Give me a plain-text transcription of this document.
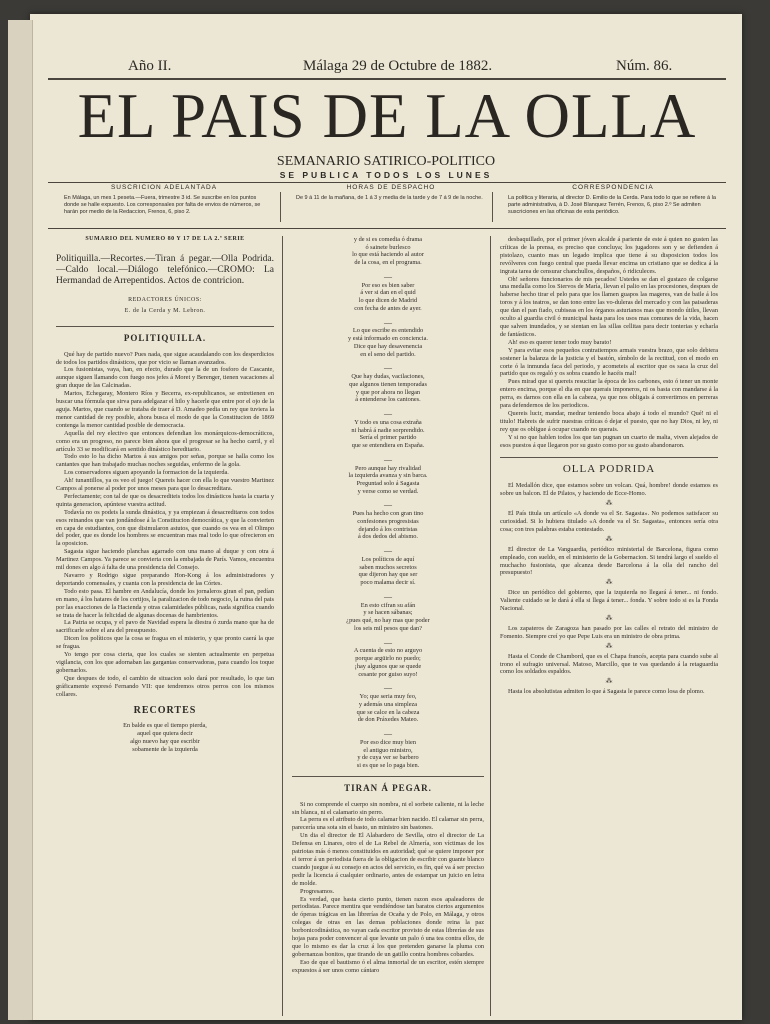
Año II.	Málaga 29 de Octubre de 1882.	Núm. 86.
EL PAIS DE LA OLLA
SEMANARIO SATIRICO-POLITICO
SE PUBLICA TODOS LOS LUNES
SUSCRICION ADELANTADA
En Málaga, un mes 1 peseta.—Fuera, trimestre 3 id. Se suscribe en los puntos donde se halle expuesto. Los corresponsales por falta de envios de números, se harán por medio de la Redaccion, Frenos, 6, piso 2.
HORAS DE DESPACHO
De 9 á 11 de la mañana, de 1 á 3 y media de la tarde y de 7 á 9 de la noche.
CORRESPONDENCIA
La política y literaria, al director D. Emilio de la Cerda. Para todo lo que se refiere á la parte administrativa, á D. José Blanquez Terrén, Frenos, 6, piso 2.º Se admiten suscriciones en las oficinas de esta periódico.
SUMARIO DEL NÚMERO 80 Y 17 DE LA 2.ª SERIE
Politiquilla.—Recortes.—Tiran á pegar.—Olla Podrida.—Caldo local.—Diálogo telefónico.—CROMO: La Hermandad de Arrepentidos. Actos de contricion.
REDACTORES ÚNICOS:
E. de la Cerda y M. Lebron.
POLITIQUILLA.

Qué hay de partido nuevo? Pues nada, que sigue acaudalando con los desperdicios de todos los partidos dinásticos, que por vicio se llaman avanzados.

Los fusionistas, vaya, han, en efecto, durado que la de un fosforo de Cascante, aunque siguen llamando con fuego nos jefes á Moret y Berenger, tienen vacaciones al gran duque de las Calcinadas.

Martos, Echegaray, Montero Ríos y Becerra, ex-republicanos, se entretienen en buscar una fórmula que sirva para adelgazar el hilo y hacerle que entre por el ojo de la aguja. Martos, que cuando se trataba de traer á D. Amadeo pedia un rey que tuviera la menor cantidad de rey posible, ahora busca el modo de que la Constitucion de 1869 contenga la menor cantidad posible de democracia.

Aquella del rey electivo que entonces defendian los monárquicos-democráticos, como era un progreso, no parece bien ahora que el progresar se ha hecho carril, y el artículo 33 se modificará en sentido dinástico hereditario.

Todo esto lo ha dicho Martos á sus amigos por señas, porque se halla como los cantantes que han trabajado muchas noches seguidas, enfermo de la gola.

Los conservadores siguen apoyando la formacion de la izquierda.

Ah! tunantillos, ya os veo el juego! Quereis hacer con ella lo que vuestro Martinez Campos al ponerse al poder por unos meses para que lo desacreditara.

Perfectamente; con tal de que os desacrediteis todos los dinásticos hasta la cuarta y quinta generacion, apúntese vuestra actitud.

Todavía no os podeis la sunda dinástica, y ya empiezan á desacreditaros con todos esos reinandos que van jondándose á la Constitucion democrática, y que la convierten en capa de estudiantes, con que disimularon astutos, que cuando os vea en el Olimpo del poder, que es donde los hombres se encuentran mas mal todo lo que ofrecieron en la oposicion.

Sagasta sigue haciendo planchas agarrado con una mano al duque y con otra á Martinez Campos. Ya parece se convierta con la embajada de París. Vamos, encuentra mil dones en algo á falta de una presidencia del Consejo.

Navarro y Rodrigo sigue preparando Hon-Kong á los administradores y deportando comensales, y cuanta con la presidencia de las Córtes.

Todo esto pasa. El hambre en Andalucía, donde los jornaleros giran el pan, pedían en mano, á los hatares de los cortijos, la paralizacion de todo negocio, la ruina del pais por las exacciones de la Hacienda y otras calamidades públicas, nada significa cuando se trata de hacer la felicidad de algunas docenas de hambrientos.

La Patria se ocupa, y el pavo de Navidad espera la diestra ó zurda mano que ha de sacrificarle sobre el ara del presupuesto.

Dicen los políticos que la cosa se fragua en el misterio, y que pronto caerá la que se fragua.

Yo tengo por cosa cierta, que los cuales se sienten actualmente en perpetua vigilancia, con los que adornaban las gargantas conservadoras, para cuando los toque gobernarlos.

Que despues de todo, el cambio de situacion solo dará por resultado, lo que tan gráficamente expresó Fernando VII: que tendremos otros perros con los mismos collares.

RECORTES
En balde es que el tiempo pierda,
aquel que quiera decir
algo nuevo hay que escribir
sobamente de la izquierda
y de si es comedia ó drama
ó sainete burlesco
lo que está haciendo al autor
de la cosa, en el programa.
—
Por eso es bien saber
á ver si dan en el quid
lo que dicen de Madrid
con fecha de antes de ayer.
—
Lo que escribe es entendido
y está informado en conciencia.
Dice que hay desavenencia
en el seno del partido.
—
Que hay dudas, vacilaciones,
que algunos tienen temporadas
y que por ahora no llegan
á entenderse los cantones.
—
Y todo es una cosa extraña
ni habrá á nadie sorprendido.
Sería el primer partido
que se entendiera en España.
—
Pero aunque hay rivalidad
la izquierda avanza y sin barca.
Preguntad solo á Sagasta
y verse como se verdad.
—
Pues ha hecho con gran tino
confesiones progresistas
dejando á los contristas
á dos dedos del abismo.
—
Los políticos de aquí
saben muchos secretos
que dijeron hay que ser
poco malama decir sí.
—
En esto cifran su afán
y se hacen sábanas;
¿pues qué, no hay mas que poder
los seis mil pesos que dan?
—
A cuenta de esto no arguyo
porque argüirlo no puedo;
¡hay algunos que se quede
cesante por guiso suyo!
—
Yo; que seria muy feo,
y además una simpleza
que se calce en la cabeza
de don Práxedes Mateo.
—
Por eso dice muy bien
el antiguo ministro,
y de cuya ver se barbero
si es que se lo paga bien.
TIRAN Á PEGAR.

Si no comprende el cuerpo sin nombra, ni el sorbete caliente, ni la leche sin blanca, ni el calamario sin perro.

La perra es el atributo de todo calamar bien nacido. El calamar sin perra, parecería una sota sin el basto, un ministro sin bastones.

Un dia el director de El Alabardero de Sevilla, otro el director de La Defensa en Linares, otro el de La Rebel de Almería, son víctimas de los patriotas más ó menos constituidos en autoridad; qué se quiere imponer por el terror á un periodista fuera de la obligacion de escribir con guante blanco cuando juegue á su consejo en actos del servicio, es fin, qué va á ser preciso pedir la licencia á cualquier ordinario, antes de estampar un juicio en letra de molde.

Progresamos.

Es verdad, que hasta cierto punto, tienen razon esos apaleadores de periodistas. Parece mentira que vendiéndose tan baratos ciertos argumentos de óperas trágicas en las librerías de Ocaña y de Polo, en Málaga, y otros colegas de otras en las demas poblaciones donde reina la paz borbonicodinástica, no vayan cada escritor provisto de estas librerías de sus hojas para poder convencer al que levante un palo ó una tea contra ellos, de que lo mismo es dar la cruz á los que pretenden ganarse la pluma con gobernanzas bonitos, que tirando de un gatillo contra hombres cobardes.

Eso de que el bautismo ó el alma inmortal de un escritor, estén siempre expuestos á ser unos como cántaro

desbaquillado, por el primer jóven alcalde á pariente de este á quien no gusten las críticas de la prensa, es preciso que concluya; los jugadores son y se defienden á pistolazo, cuanto mas un legado implica que tiene á su disposicion todos los revólveres con fuego central que pueda llevar encima un cristiano que se dedica á la ingrata tarea de censurar chanchullos, despaños, ó ridiculeces.

Oh! señores funcionarios de mis pecados! Ustedes se dan el gustazo de colgarse una medalla como los Siervos de María, llevan el palio en las procesiones, despues de haberse hecho tirar el pelo para que los llamen guapos las mageres, van de baile á los toros y á los teatros, se dan tono entre las vo-duleras del mercado y con las paisaderas que dan el pan fiado, cubiseas en los órganos asturianos mas que mondo útiles, llevan oculto al guardia civil ó municipal hasta para los usos mas comunes de la vida, hacen que salven inundados, y se sientan en las sillas cellitas para decir tonterias y echarla de fantásticos.

Ah! eso es querer tener todo muy barato!

Y para evitar esos pequeños contratiempos armais vuestra brazo, que solo debiera sostener la balanza de la justicia y el bastón, símbolo de la rectitud, con el modo en corte ó la inmunda faca del periodo, y acometeis al escritor que os saca la cruz del partido que os regaló y os sobra cuando le hacéis mal!

Pues mirad que si quereis resucitar la época de los carbones, esto ó tener un monte entero encima, porque el dia en que querais imponeros, ni os basta con mandarse á la perra, es darnos con ella en la cabeza, ya que nos obligais á convertirnos en perreras para defendernos de los periodicos.

Quereis lucir, mandar, medrar teniendo boca abajo á todo el mundo? Qué! ni el titulo! Habreis de sufrir nuestras críticas ó dejar el puesto, que no hay Dios, ni ley, ni rey que os obligue á ocupar cuando no querais.

Y si no que hablen todos los que tan pugnan un cuarto de malta, viven alejados de esos puestos á que llegaron por su gusto como por su gusto abandonaron.

OLLA PODRIDA

El Medallón dice, que estamos sobre un volcan. Quá, hombre! donde estamos es sobre un balcon. El de Pilatos, y haciendo de Ecce-Homo.

⁂

El País titula un artículo «A donde va el Sr. Sagasta». No podemos satisfacer su curiosidad. Si lo hubiera titulado «A donde va el Sr. Sagasta», entonces sería otra cosa; con tres palabras estaba contestado.

⁂

El director de La Vanguardia, periódico ministerial de Barcelona, figura como empleado, con sueldo, en el ministerio de la Gobernacion. Si tendrá largo el sueldo el muchacho fusionista, que alcanza desde Barcelona á la olla del rancho del presupuesto!

⁂

Dice un periódico del gobierno, que la izquierda no llegará á tener... ni fondo. Valiente cuidado se le dará á ella si llega á tener... fonda. Y sobre todo si es la Fonda Nacional.

⁂

Los zapateros de Zaragoza han pasado por las calles el retrato del ministro de Fomento. Siempre creí yo que Pepe Luis era un ministro de obra prima.

⁂

Hasta el Conde de Chambord, que es el Chapa francés, acepta para cuando sube al trono el sufragio universal. Matoso, Marcillo, que te vas quedando á la retaguardia como los soldados espaldos.

⁂

Hasta los absolutistas admiten lo que á Sagasta le parece como losa de plomo.
